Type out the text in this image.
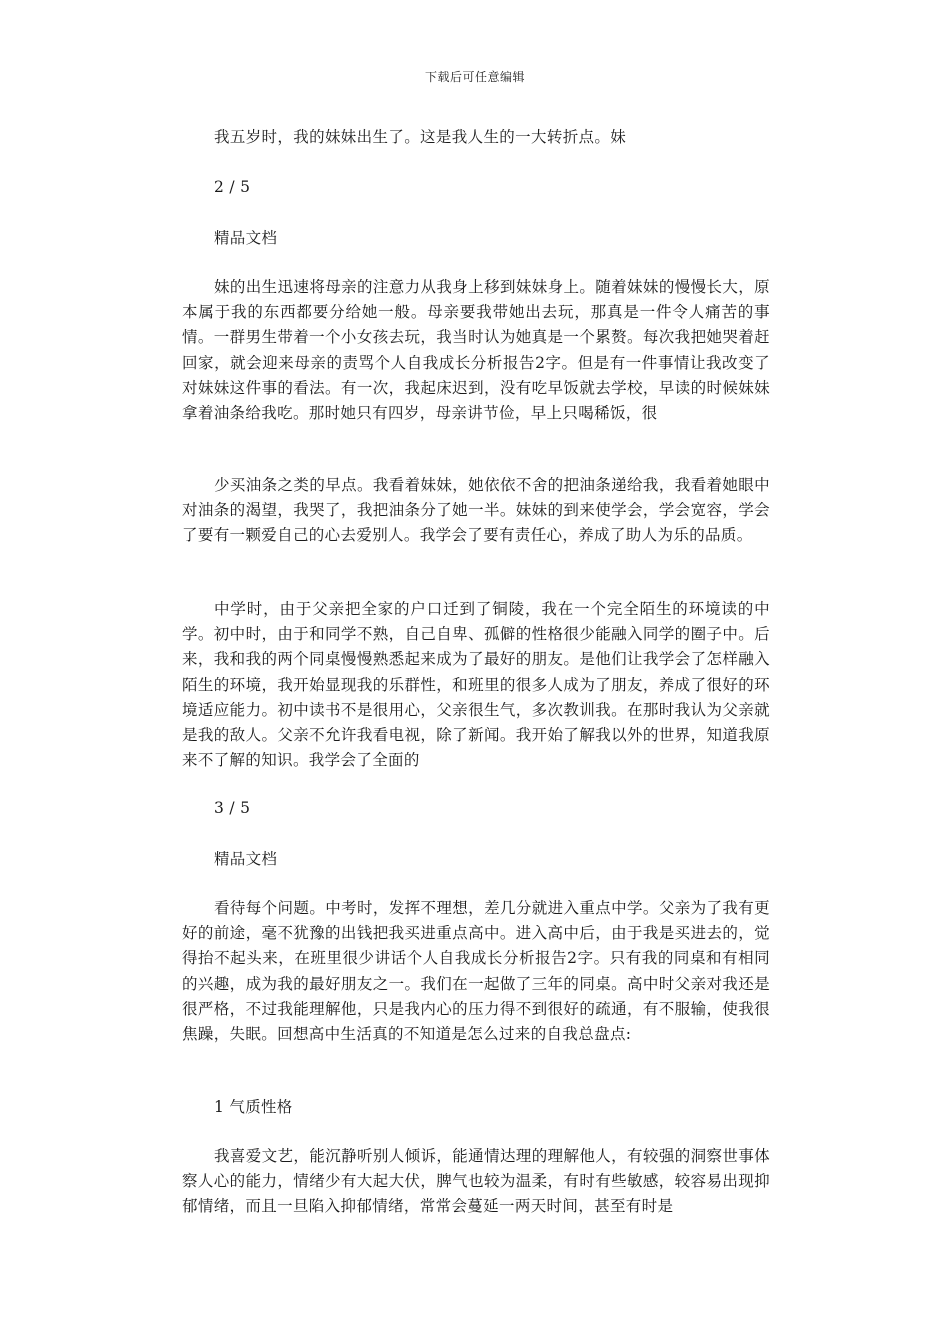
下载后可任意编辑

我五岁时，我的妹妹出生了。这是我人生的一大转折点。妹

2 / 5
精品文档

妹的出生迅速将母亲的注意力从我身上移到妹妹身上。随着妹妹的慢慢长大，原本属于我的东西都要分给她一般。母亲要我带她出去玩，那真是一件令人痛苦的事情。一群男生带着一个小女孩去玩，我当时认为她真是一个累赘。每次我把她哭着赶回家，就会迎来母亲的责骂个人自我成长分析报告2字。但是有一件事情让我改变了对妹妹这件事的看法。有一次，我起床迟到，没有吃早饭就去学校，早读的时候妹妹拿着油条给我吃。那时她只有四岁，母亲讲节俭，早上只喝稀饭，很

少买油条之类的早点。我看着妹妹，她依依不舍的把油条递给我，我看着她眼中对油条的渴望，我哭了，我把油条分了她一半。妹妹的到来使学会，学会宽容，学会了要有一颗爱自己的心去爱别人。我学会了要有责任心，养成了助人为乐的品质。

中学时，由于父亲把全家的户口迁到了铜陵，我在一个完全陌生的环境读的中学。初中时，由于和同学不熟，自己自卑、孤僻的性格很少能融入同学的圈子中。后来，我和我的两个同桌慢慢熟悉起来成为了最好的朋友。是他们让我学会了怎样融入陌生的环境，我开始显现我的乐群性，和班里的很多人成为了朋友，养成了很好的环境适应能力。初中读书不是很用心，父亲很生气，多次教训我。在那时我认为父亲就是我的敌人。父亲不允许我看电视，除了新闻。我开始了解我以外的世界，知道我原来不了解的知识。我学会了全面的

3 / 5
精品文档

看待每个问题。中考时，发挥不理想，差几分就进入重点中学。父亲为了我有更好的前途，毫不犹豫的出钱把我买进重点高中。进入高中后，由于我是买进去的，觉得抬不起头来，在班里很少讲话个人自我成长分析报告2字。只有我的同桌和有相同的兴趣，成为我的最好朋友之一。我们在一起做了三年的同桌。高中时父亲对我还是很严格，不过我能理解他，只是我内心的压力得不到很好的疏通，有不服输，使我很焦躁，失眠。回想高中生活真的不知道是怎么过来的自我总盘点:

1 气质性格

我喜爱文艺，能沉静听别人倾诉，能通情达理的理解他人，有较强的洞察世事体察人心的能力，情绪少有大起大伏，脾气也较为温柔，有时有些敏感，较容易出现抑郁情绪，而且一旦陷入抑郁情绪，常常会蔓延一两天时间，甚至有时是
